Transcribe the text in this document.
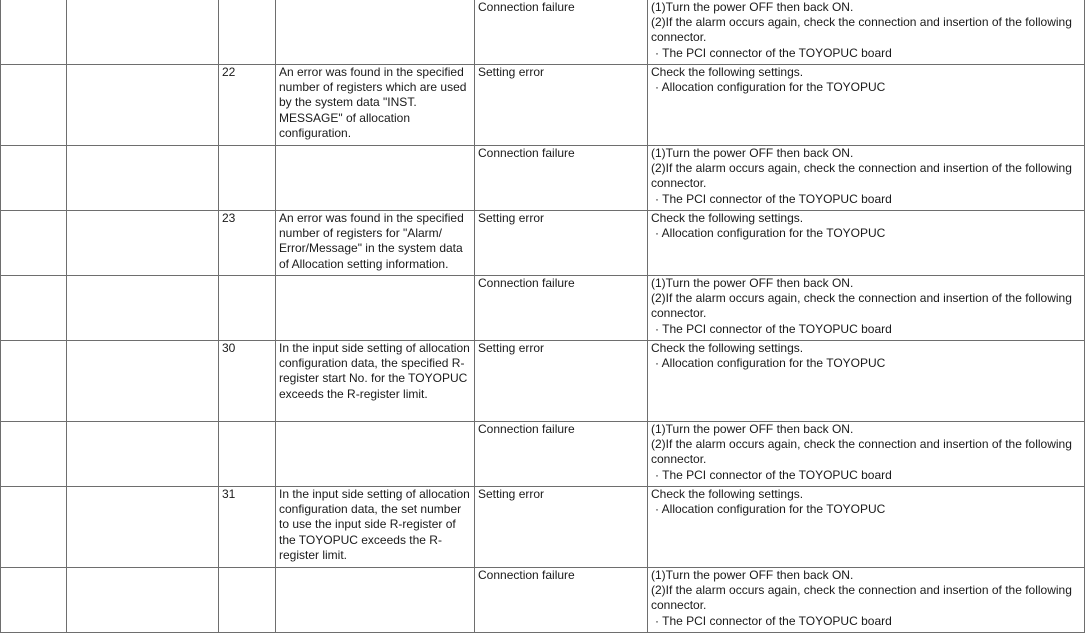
				Connection failure	(1)Turn the power OFF then back ON.
(2)If the alarm occurs again, check the connection and insertion of the following connector.
· The PCI connector of the TOYOPUC board

		22	An error was found in the specified number of registers which are used by the system data "INST. MESSAGE" of allocation configuration.	Setting error	Check the following settings.
· Allocation configuration for the TOYOPUC

				Connection failure	(1)Turn the power OFF then back ON.
(2)If the alarm occurs again, check the connection and insertion of the following connector.
· The PCI connector of the TOYOPUC board

		23	An error was found in the specified number of registers for "Alarm/ Error/Message" in the system data of Allocation setting information.	Setting error	Check the following settings.
· Allocation configuration for the TOYOPUC

				Connection failure	(1)Turn the power OFF then back ON.
(2)If the alarm occurs again, check the connection and insertion of the following connector.
· The PCI connector of the TOYOPUC board

		30	In the input side setting of allocation configuration data, the specified R-register start No. for the TOYOPUC exceeds the R-register limit.	Setting error	Check the following settings.
· Allocation configuration for the TOYOPUC

				Connection failure	(1)Turn the power OFF then back ON.
(2)If the alarm occurs again, check the connection and insertion of the following connector.
· The PCI connector of the TOYOPUC board

		31	In the input side setting of allocation configuration data, the set number to use the input side R-register of the TOYOPUC exceeds the R-register limit.	Setting error	Check the following settings.
· Allocation configuration for the TOYOPUC

				Connection failure	(1)Turn the power OFF then back ON.
(2)If the alarm occurs again, check the connection and insertion of the following connector.
· The PCI connector of the TOYOPUC board
